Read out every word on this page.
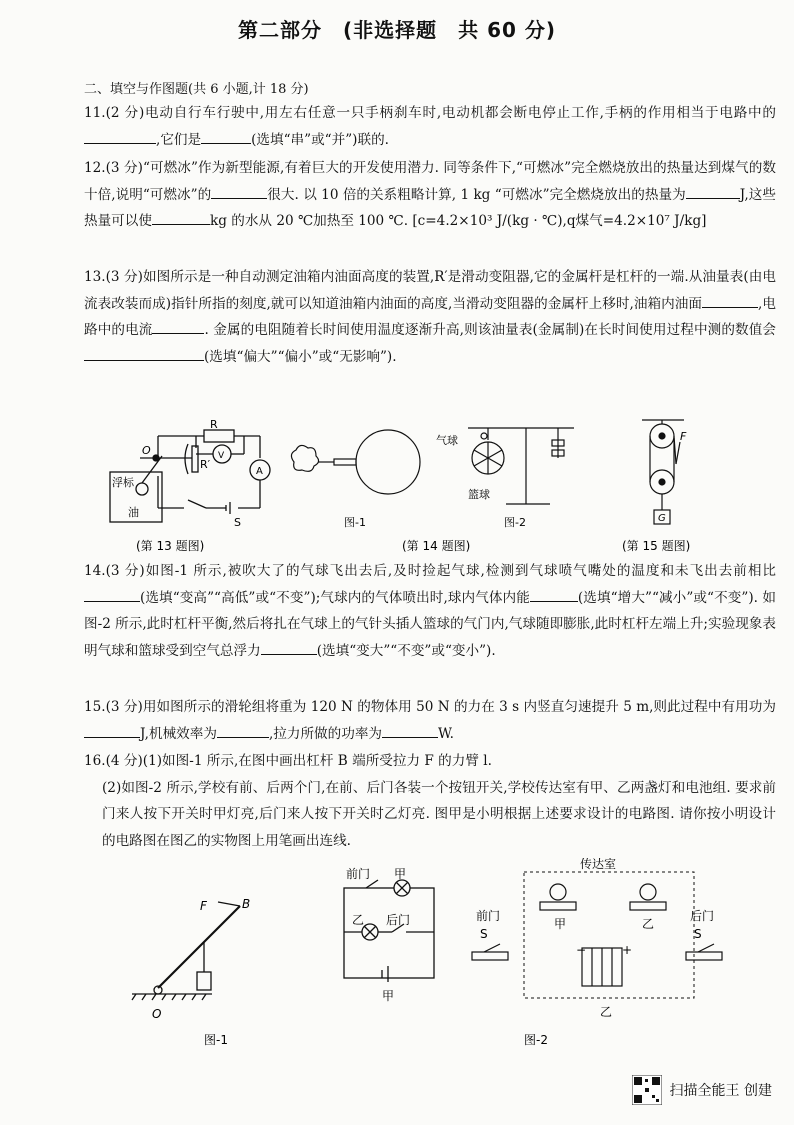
第二部分　(非选择题　共 60 分)
二、填空与作图题(共 6 小题,计 18 分)
11.(2 分)电动自行车行驶中,用左右任意一只手柄刹车时,电动机都会断电停止工作,手柄的作用相当于电路中的,它们是	(选填“串”或“并”)联的.
12.(3 分)“可燃冰”作为新型能源,有着巨大的开发使用潜力. 同等条件下,“可燃冰”完全燃烧放出的热量达到煤气的数十倍,说明“可燃冰”的	很大. 以 10 倍的关系粗略计算, 1 kg “可燃冰”完全燃烧放出的热量为	J,这些热量可以使	kg 的水从 20 ℃加热至 100 ℃. [c=4.2×10³ J/(kg · ℃),q煤气=4.2×10⁷ J/kg]
13.(3 分)如图所示是一种自动测定油箱内油面高度的装置,R′是滑动变阻器,它的金属杆是杠杆的一端.从油量表(由电流表改装而成)指针所指的刻度,就可以知道油箱内油面的高度,当滑动变阻器的金属杆上移时,油箱内油面	,电路中的电流	. 金属的电阻随着长时间使用温度逐渐升高,则该油量表(金属制)在长时间使用过程中测的数值会(选填“偏大”“偏小”或“无影响”).
R
R′
V
A
O
浮标
油
S	图-1
气球
篮球
图-2
F
G
(第 13 题图)	(第 14 题图)	(第 15 题图)
14.(3 分)如图-1 所示,被吹大了的气球飞出去后,及时捡起气球,检测到气球喷气嘴处的温度和未飞出去前相比(选填“变高”“高低”或“不变”);气球内的气体喷出时,球内气体内能	(选填“增大”“减小”或“不变”). 如图-2 所示,此时杠杆平衡,然后将扎在气球上的气针头插人篮球的气门内,气球随即膨胀,此时杠杆左端上升;实验现象表明气球和篮球受到空气总浮力	(选填“变大”“不变”或“变小”).
15.(3 分)用如图所示的滑轮组将重为 120 N 的物体用 50 N 的力在 3 s 内竖直匀速提升 5 m,则此过程中有用功为J,机械效率为	,拉力所做的功率为	W.
16.(4 分)(1)如图-1 所示,在图中画出杠杆 B 端所受拉力 F 的力臂 l.
(2)如图-2 所示,学校有前、后两个门,在前、后门各装一个按钮开关,学校传达室有甲、乙两盏灯和电池组. 要求前门来人按下开关时甲灯亮,后门来人按下开关时乙灯亮. 图甲是小明根据上述要求设计的电路图. 请你按小明设计的电路图在图乙的实物图上用笔画出连线.
F	B
O
图-1
前门 甲
乙 后门
甲
传达室
前门
S
后门
S
甲	乙
−	+
乙
图-2
扫描全能王 创建
